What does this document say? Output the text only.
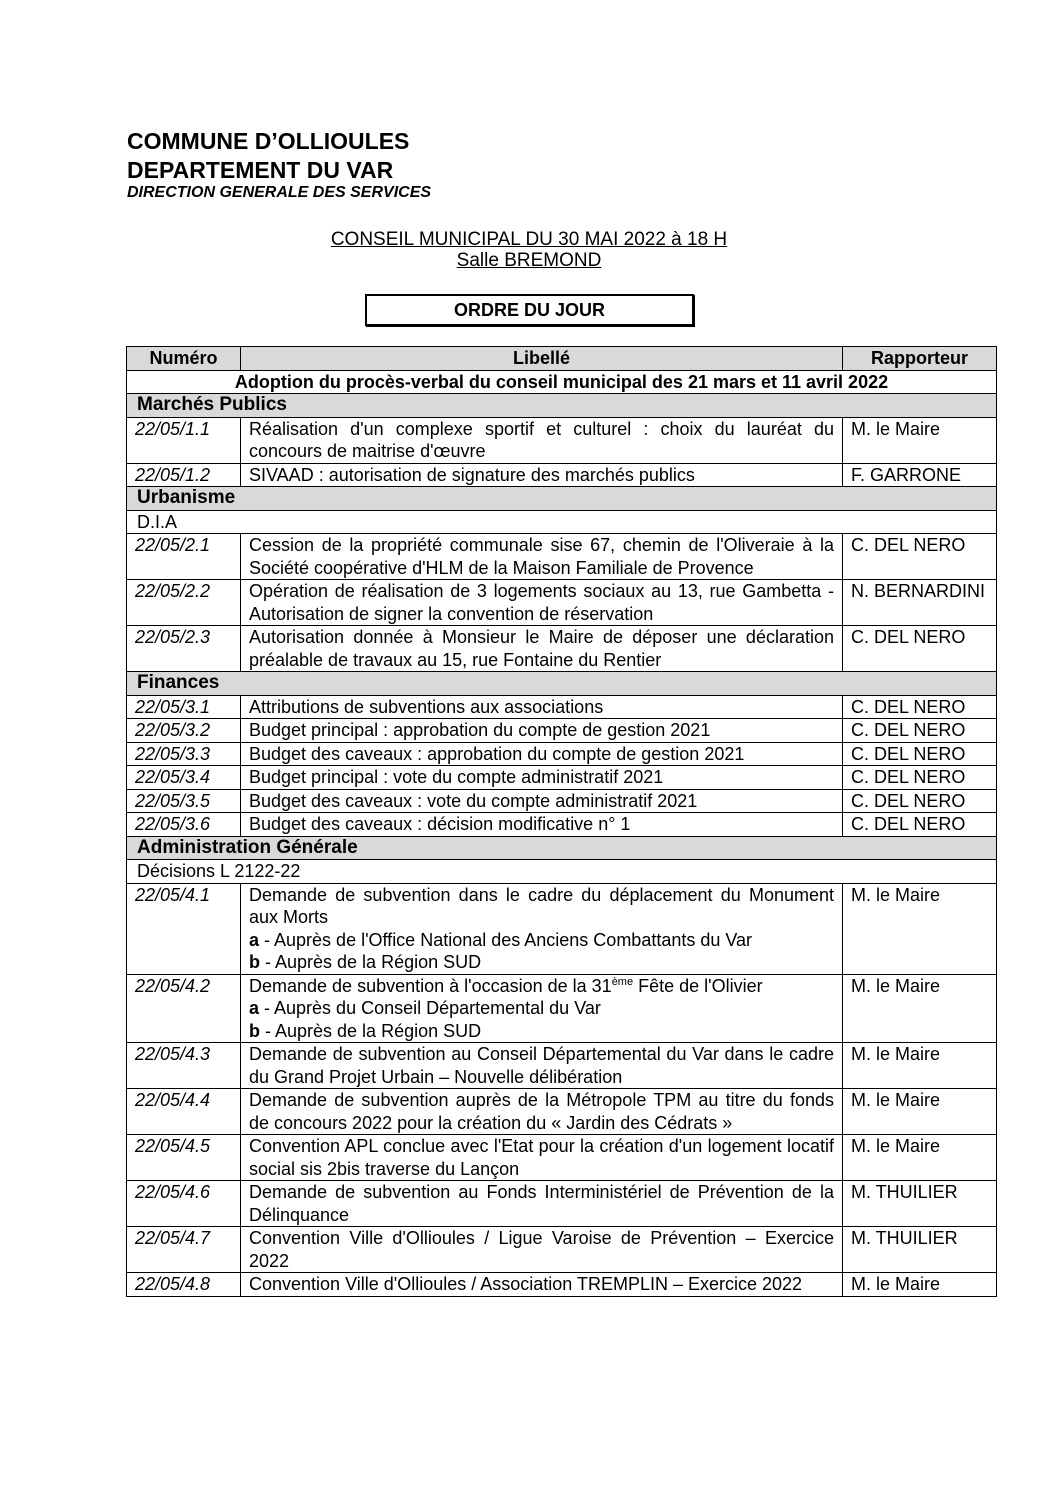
COMMUNE D’OLLIOULES
DEPARTEMENT DU VAR
DIRECTION GENERALE DES SERVICES
CONSEIL MUNICIPAL DU 30 MAI 2022 à 18 H
Salle BREMOND
ORDRE DU JOUR
Numéro	Libellé	Rapporteur
Adoption du procès-verbal du conseil municipal des 21 mars et 11 avril 2022		
Marchés Publics		
22/05/1.1	Réalisation d'un complexe sportif et culturel : choix du lauréat du concours de maitrise d'œuvre	M. le Maire
22/05/1.2	SIVAAD : autorisation de signature des marchés publics	F. GARRONE
Urbanisme		
D.I.A		
22/05/2.1	Cession de la propriété communale sise 67, chemin de l'Oliveraie à la Société coopérative d'HLM de la Maison Familiale de Provence	C. DEL NERO
22/05/2.2	Opération de réalisation de 3 logements sociaux au 13, rue Gambetta - Autorisation de signer la convention de réservation	N. BERNARDINI
22/05/2.3	Autorisation donnée à Monsieur le Maire de déposer une déclaration préalable de travaux au 15, rue Fontaine du Rentier	C. DEL NERO
Finances		
22/05/3.1	Attributions de subventions aux associations	C. DEL NERO
22/05/3.2	Budget principal : approbation du compte de gestion 2021	C. DEL NERO
22/05/3.3	Budget des caveaux : approbation du compte de gestion 2021	C. DEL NERO
22/05/3.4	Budget principal : vote du compte administratif 2021	C. DEL NERO
22/05/3.5	Budget des caveaux : vote du compte administratif 2021	C. DEL NERO
22/05/3.6	Budget des caveaux : décision modificative n° 1	C. DEL NERO
Administration Générale		
Décisions L 2122-22		
22/05/4.1	Demande de subvention dans le cadre du déplacement du Monument aux Morts
a - Auprès de l'Office National des Anciens Combattants du Var
b - Auprès de la Région SUD	M. le Maire
22/05/4.2	Demande de subvention à l'occasion de la 31ème Fête de l'Olivier
a - Auprès du Conseil Départemental du Var
b - Auprès de la Région SUD	M. le Maire
22/05/4.3	Demande de subvention au Conseil Départemental du Var dans le cadre du Grand Projet Urbain – Nouvelle délibération	M. le Maire
22/05/4.4	Demande de subvention auprès de la Métropole TPM au titre du fonds de concours 2022 pour la création du « Jardin des Cédrats »	M. le Maire
22/05/4.5	Convention APL conclue avec l'Etat pour la création d'un logement locatif social sis 2bis traverse du Lançon	M. le Maire
22/05/4.6	Demande de subvention au Fonds Interministériel de Prévention de la Délinquance	M. THUILIER
22/05/4.7	Convention Ville d'Ollioules / Ligue Varoise de Prévention – Exercice 2022	M. THUILIER
22/05/4.8	Convention Ville d'Ollioules / Association TREMPLIN – Exercice 2022	M. le Maire
